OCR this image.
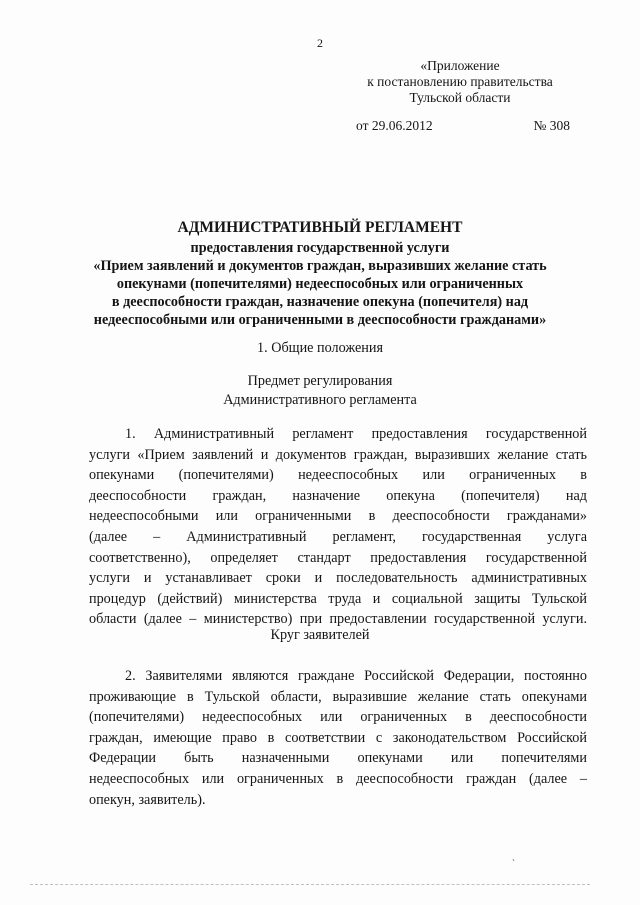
2
«Приложение
к постановлению правительства
Тульской области
от 29.06.2012	№ 308
АДМИНИСТРАТИВНЫЙ РЕГЛАМЕНТ
предоставления государственной услуги
«Прием заявлений и документов граждан, выразивших желание стать
опекунами (попечителями) недееспособных или ограниченных
в дееспособности граждан, назначение опекуна (попечителя) над
недееспособными или ограниченными в дееспособности гражданами»
1. Общие положения
Предмет регулирования
Административного регламента
1. Административный регламент предоставления государственной
услуги «Прием заявлений и документов граждан, выразивших желание стать
опекунами (попечителями) недееспособных или ограниченных в
дееспособности граждан, назначение опекуна (попечителя) над
недееспособными или ограниченными в дееспособности гражданами»
(далее – Административный регламент, государственная услуга
соответственно), определяет стандарт предоставления государственной
услуги и устанавливает сроки и последовательность административных
процедур (действий) министерства труда и социальной защиты Тульской
области (далее – министерство) при предоставлении государственной услуги.
Круг заявителей
2. Заявителями являются граждане Российской Федерации, постоянно
проживающие в Тульской области, выразившие желание стать опекунами
(попечителями) недееспособных или ограниченных в дееспособности
граждан, имеющие право в соответствии с законодательством Российской
Федерации быть назначенными опекунами или попечителями
недееспособных или ограниченных в дееспособности граждан (далее –
опекун, заявитель).
ˎ
